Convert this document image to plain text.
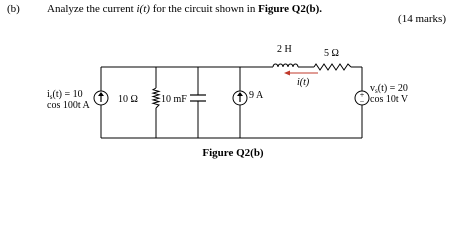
(b) Analyze the current i(t) for the circuit shown in Figure Q2(b).
(14 marks)
+
−
$i_s(t) = 10$
cos 100t A
10 Ω 10 mF	9 A
2 H	5 Ω
i(t)
$v_s(t) = 20$
cos 10t V
Figure Q2(b)
